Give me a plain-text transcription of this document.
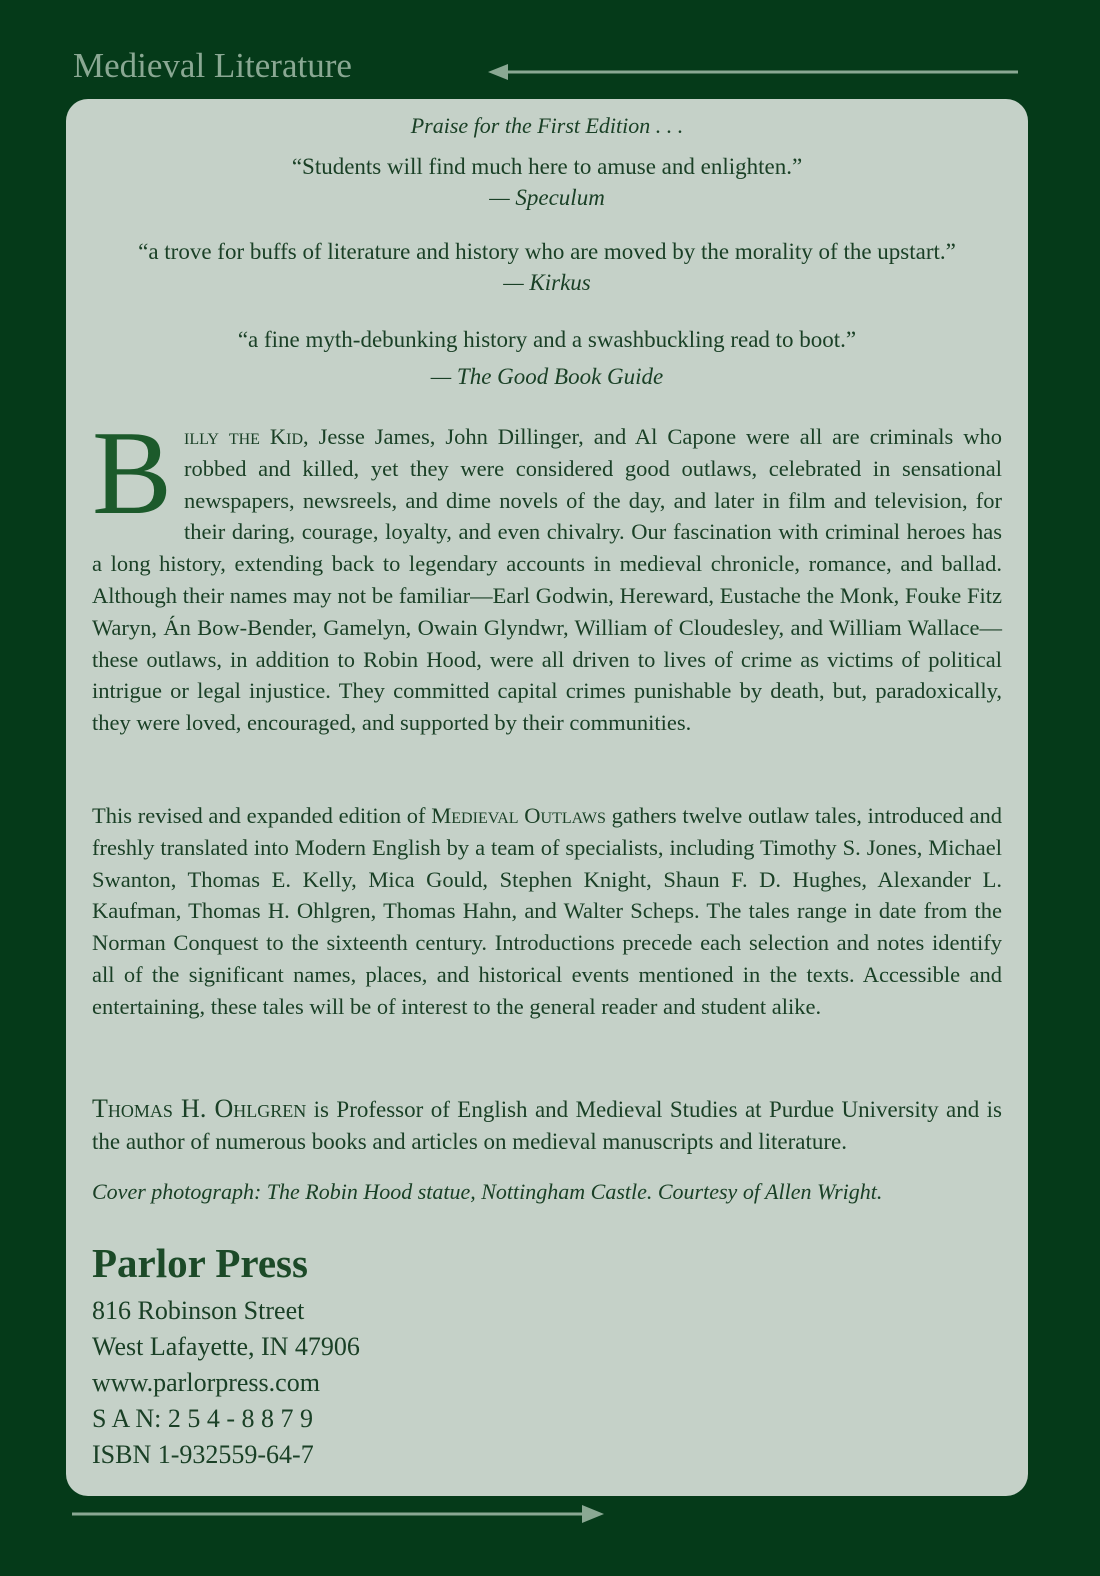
Medieval Literature
Praise for the First Edition . . .
“Students will find much here to amuse and enlighten.”
— Speculum
“a trove for buffs of literature and history who are moved by the morality of the upstart.”
— Kirkus
“a fine myth-debunking history and a swashbuckling read to boot.”
— The Good Book Guide
Billy the Kid, Jesse James, John Dillinger, and Al Capone were all are criminals who robbed and killed, yet they were considered good outlaws, celebrated in sensational newspapers, newsreels, and dime novels of the day, and later in film and television, for their daring, courage, loyalty, and even chivalry. Our fascination with criminal heroes has a long history, extending back to legendary accounts in medieval chronicle, romance, and ballad. Although their names may not be familiar—Earl Godwin, Hereward, Eustache the Monk, Fouke Fitz Waryn, Án Bow-Bender, Gamelyn, Owain Glyndwr, William of Cloudesley, and William Wallace—these outlaws, in addition to Robin Hood, were all driven to lives of crime as victims of political intrigue or legal injustice. They committed capital crimes punishable by death, but, paradoxically, they were loved, encouraged, and supported by their communities.
This revised and expanded edition of Medieval Outlaws gathers twelve outlaw tales, introduced and freshly translated into Modern English by a team of specialists, including Timothy S. Jones, Michael Swanton, Thomas E. Kelly, Mica Gould, Stephen Knight, Shaun F. D. Hughes, Alexander L. Kaufman, Thomas H. Ohlgren, Thomas Hahn, and Walter Scheps. The tales range in date from the Norman Conquest to the sixteenth century. Introductions precede each selection and notes identify all of the significant names, places, and historical events mentioned in the texts. Accessible and entertaining, these tales will be of interest to the general reader and student alike.
Thomas H. Ohlgren is Professor of English and Medieval Studies at Purdue University and is the author of numerous books and articles on medieval manuscripts and literature.
Cover photograph: The Robin Hood statue, Nottingham Castle. Courtesy of Allen Wright.
Parlor Press
816 Robinson Street
West Lafayette, IN 47906
www.parlorpress.com
S A N: 2 5 4 - 8 8 7 9
ISBN 1-932559-64-7
